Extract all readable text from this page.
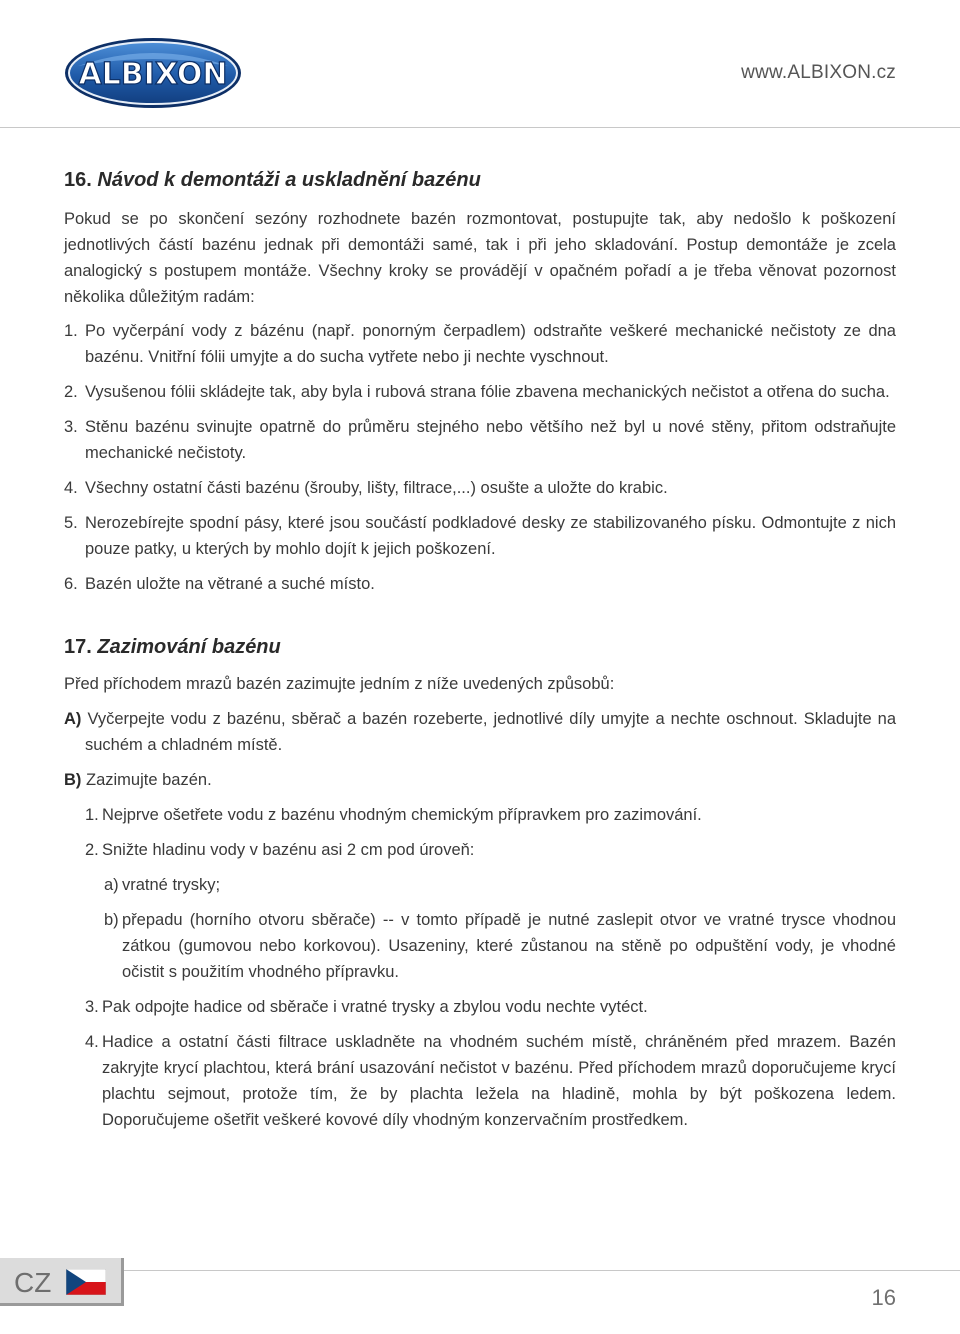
ALBIXON	www.ALBIXON.cz
16. Návod k demontáži a uskladnění bazénu

Pokud se po skončení sezóny rozhodnete bazén rozmontovat, postupujte tak, aby nedošlo k poškození jednotlivých částí bazénu jednak při demontáži samé, tak i při jeho skladování. Postup demontáže je zcela analogický s postupem montáže. Všechny kroky se provádějí v opačném pořadí a je třeba věnovat pozornost několika důležitým radám:

1. Po vyčerpání vody z bázénu (např. ponorným čerpadlem) odstraňte veškeré mechanické nečistoty ze dna bazénu. Vnitřní fólii umyjte a do sucha vytřete nebo ji nechte vyschnout.
2. Vysušenou fólii skládejte tak, aby byla i rubová strana fólie zbavena mechanických nečistot a otřena do sucha.
3. Stěnu bazénu svinujte opatrně do průměru stejného nebo většího než byl u nové stěny, přitom odstraňujte mechanické nečistoty.
4. Všechny ostatní části bazénu (šrouby, lišty, filtrace,...) osušte a uložte do krabic.
5. Nerozebírejte spodní pásy, které jsou součástí podkladové desky ze stabilizovaného písku. Odmontujte z nich pouze patky, u kterých by mohlo dojít k jejich poškození.
6. Bazén uložte na větrané a suché místo.
17. Zazimování bazénu

Před příchodem mrazů bazén zazimujte jedním z níže uvedených způsobů:

A) Vyčerpejte vodu z bazénu, sběrač a bazén rozeberte, jednotlivé díly umyjte a nechte oschnout. Skladujte na suchém a chladném místě.

B) Zazimujte bazén.

1. Nejprve ošetřete vodu z bazénu vhodným chemickým přípravkem pro zazimování.
2. Snižte hladinu vody v bazénu asi 2 cm pod úroveň:
a) vratné trysky;
b) přepadu (horního otvoru sběrače) -- v tomto případě je nutné zaslepit otvor ve vratné trysce vhodnou zátkou (gumovou nebo korkovou). Usazeniny, které zůstanou na stěně po odpuštění vody, je vhodné očistit s použitím vhodného přípravku.
3. Pak odpojte hadice od sběrače i vratné trysky a zbylou vodu nechte vytéct.
4. Hadice a ostatní části filtrace uskladněte na vhodném suchém místě, chráněném před mrazem. Bazén zakryjte krycí plachtou, která brání usazování nečistot v bazénu. Před příchodem mrazů doporučujeme krycí plachtu sejmout, protože tím, že by plachta ležela na hladině, mohla by být poškozena ledem. Doporučujeme ošetřit veškeré kovové díly vhodným konzervačním prostředkem.
CZ	16
